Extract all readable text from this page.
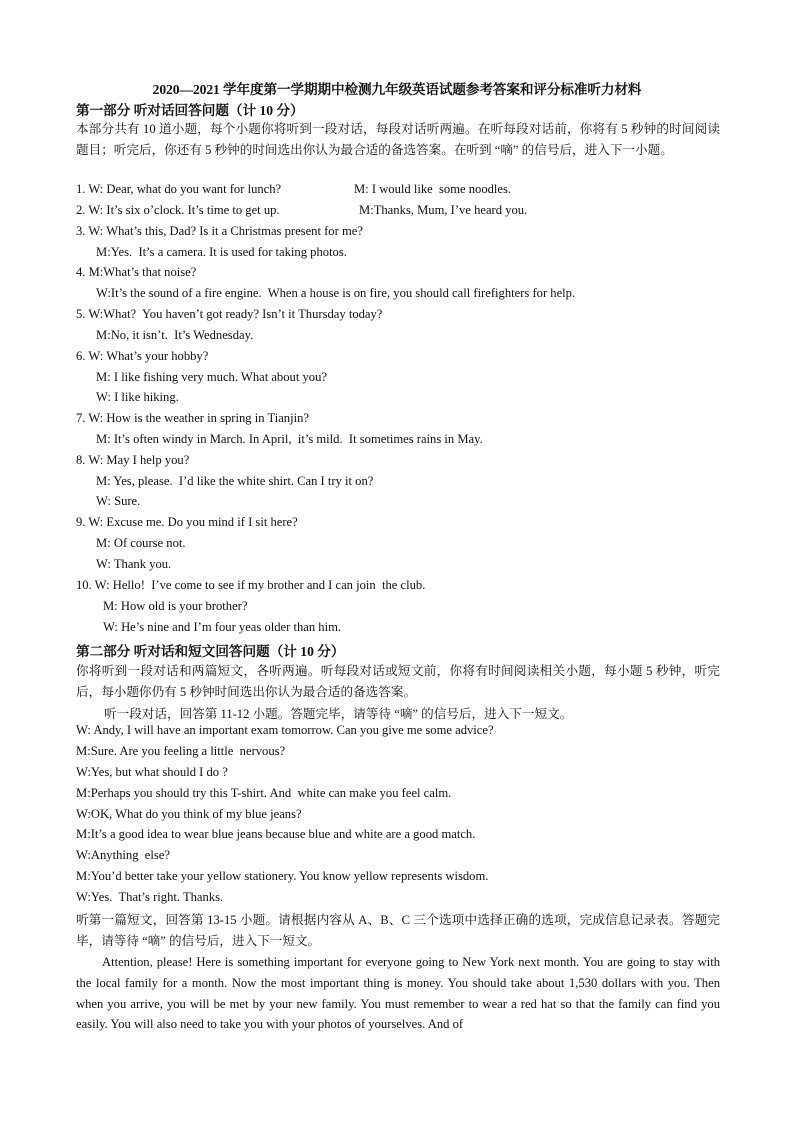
2020—2021 学年度第一学期期中检测九年级英语试题参考答案和评分标准听力材料
第一部分 听对话回答问题（计 10 分）
本部分共有 10 道小题，每个小题你将听到一段对话，每段对话听两遍。在听每段对话前，你将有 5 秒钟的时间阅读题目；听完后，你还有 5 秒钟的时间选出你认为最合适的备选答案。在听到 “嘀” 的信号后，进入下一小题。
1. W: Dear, what do you want for lunch?	M: I would like  some noodles.
2. W: It’s six o’clock. It’s time to get up.	M:Thanks, Mum, I’ve heard you.
3. W: What’s this, Dad? Is it a Christmas present for me?
M:Yes.  It’s a camera. It is used for taking photos.
4. M:What’s that noise?
W:It’s the sound of a fire engine.  When a house is on fire, you should call firefighters for help.
5. W:What?  You haven’t got ready? Isn’t it Thursday today?
M:No, it isn’t.  It’s Wednesday.
6. W: What’s your hobby?
M: I like fishing very much. What about you?
W: I like hiking.
7. W: How is the weather in spring in Tianjin?
M: It’s often windy in March. In April,  it’s mild.  It sometimes rains in May.
8. W: May I help you?
M: Yes, please.  I’d like the white shirt. Can I try it on?
W: Sure.
9. W: Excuse me. Do you mind if I sit here?
M: Of course not.
W: Thank you.
10. W: Hello!  I’ve come to see if my brother and I can join  the club.
M: How old is your brother?
W: He’s nine and I’m four yeas older than him.
第二部分 听对话和短文回答问题（计 10 分）
你将听到一段对话和两篇短文，各听两遍。听每段对话或短文前，你将有时间阅读相关小题，每小题 5 秒钟，听完后，每小题你仍有 5 秒钟时间选出你认为最合适的备选答案。
听一段对话，回答第 11-12 小题。答题完毕，请等待 “嘀” 的信号后，进入下一短文。
W: Andy, I will have an important exam tomorrow. Can you give me some advice?
M:Sure. Are you feeling a little  nervous?
W:Yes, but what should I do ?
M:Perhaps you should try this T-shirt. And  white can make you feel calm.
W:OK, What do you think of my blue jeans?
M:It’s a good idea to wear blue jeans because blue and white are a good match.
W:Anything  else?
M:You’d better take your yellow stationery. You know yellow represents wisdom.
W:Yes.  That’s right. Thanks.
听第一篇短文，回答第 13-15 小题。请根据内容从 A、B、C 三个选项中选择正确的选项，完成信息记录表。答题完毕，请等待 “嘀” 的信号后，进入下一短文。
Attention, please! Here is something important for everyone going to New York next month. You are going to stay with the local family for a month. Now the most important thing is money. You should take about 1,530 dollars with you. Then when you arrive, you will be met by your new family. You must remember to wear a red hat so that the family can find you easily. You will also need to take you with your photos of yourselves. And of
